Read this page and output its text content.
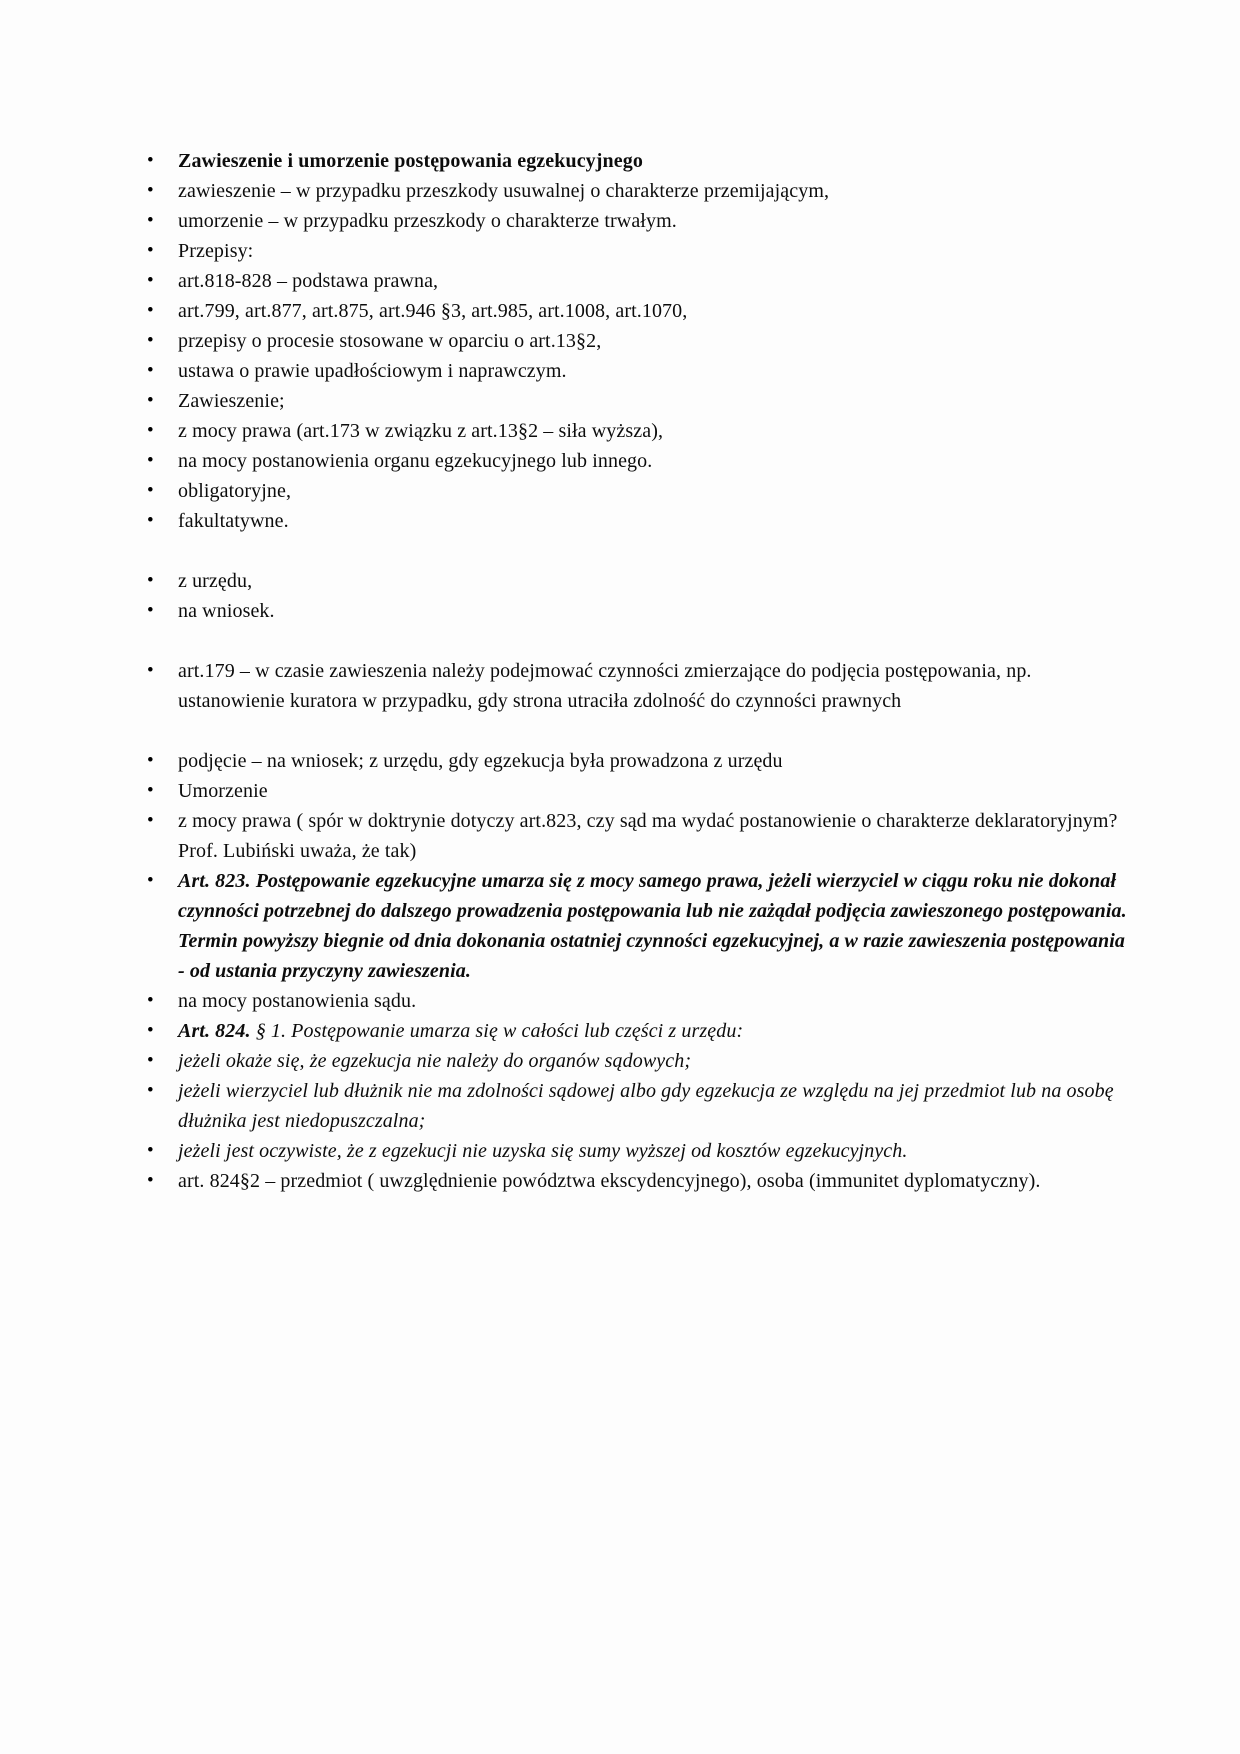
•	Zawieszenie i umorzenie postępowania egzekucyjnego
•	zawieszenie – w przypadku przeszkody usuwalnej o charakterze przemijającym,
•	umorzenie – w przypadku przeszkody o charakterze trwałym.
•	Przepisy:
•	art.818-828 – podstawa prawna,
•	art.799, art.877, art.875, art.946 §3, art.985, art.1008, art.1070,
•	przepisy o procesie stosowane w oparciu o art.13§2,
•	ustawa o prawie upadłościowym i naprawczym.
•	Zawieszenie;
•	z mocy prawa (art.173 w związku z art.13§2 – siła wyższa),
•	na mocy postanowienia organu egzekucyjnego lub innego.
•	obligatoryjne,
•	fakultatywne.
•	z urzędu,
•	na wniosek.
•	art.179 – w czasie zawieszenia należy podejmować czynności zmierzające do podjęcia postępowania, np. ustanowienie kuratora w przypadku, gdy strona utraciła zdolność do czynności prawnych
•	podjęcie – na wniosek; z urzędu, gdy egzekucja była prowadzona z urzędu
•	Umorzenie
•	z mocy prawa ( spór w doktrynie dotyczy art.823, czy sąd ma wydać postanowienie o charakterze deklaratoryjnym? Prof. Lubiński uważa, że tak)
•	Art. 823. Postępowanie egzekucyjne umarza się z mocy samego prawa, jeżeli wierzyciel w ciągu roku nie dokonał czynności potrzebnej do dalszego prowadzenia postępowania lub nie zażądał podjęcia zawieszonego postępowania. Termin powyższy biegnie od dnia dokonania ostatniej czynności egzekucyjnej, a w razie zawieszenia postępowania - od ustania przyczyny zawieszenia.
•	na mocy postanowienia sądu.
•	Art. 824. § 1. Postępowanie umarza się w całości lub części z urzędu:
•	jeżeli okaże się, że egzekucja nie należy do organów sądowych;
•	jeżeli wierzyciel lub dłużnik nie ma zdolności sądowej albo gdy egzekucja ze względu na jej przedmiot lub na osobę dłużnika jest niedopuszczalna;
•	jeżeli jest oczywiste, że z egzekucji nie uzyska się sumy wyższej od kosztów egzekucyjnych.
•	art. 824§2 – przedmiot ( uwzględnienie powództwa ekscydencyjnego), osoba (immunitet dyplomatyczny).
